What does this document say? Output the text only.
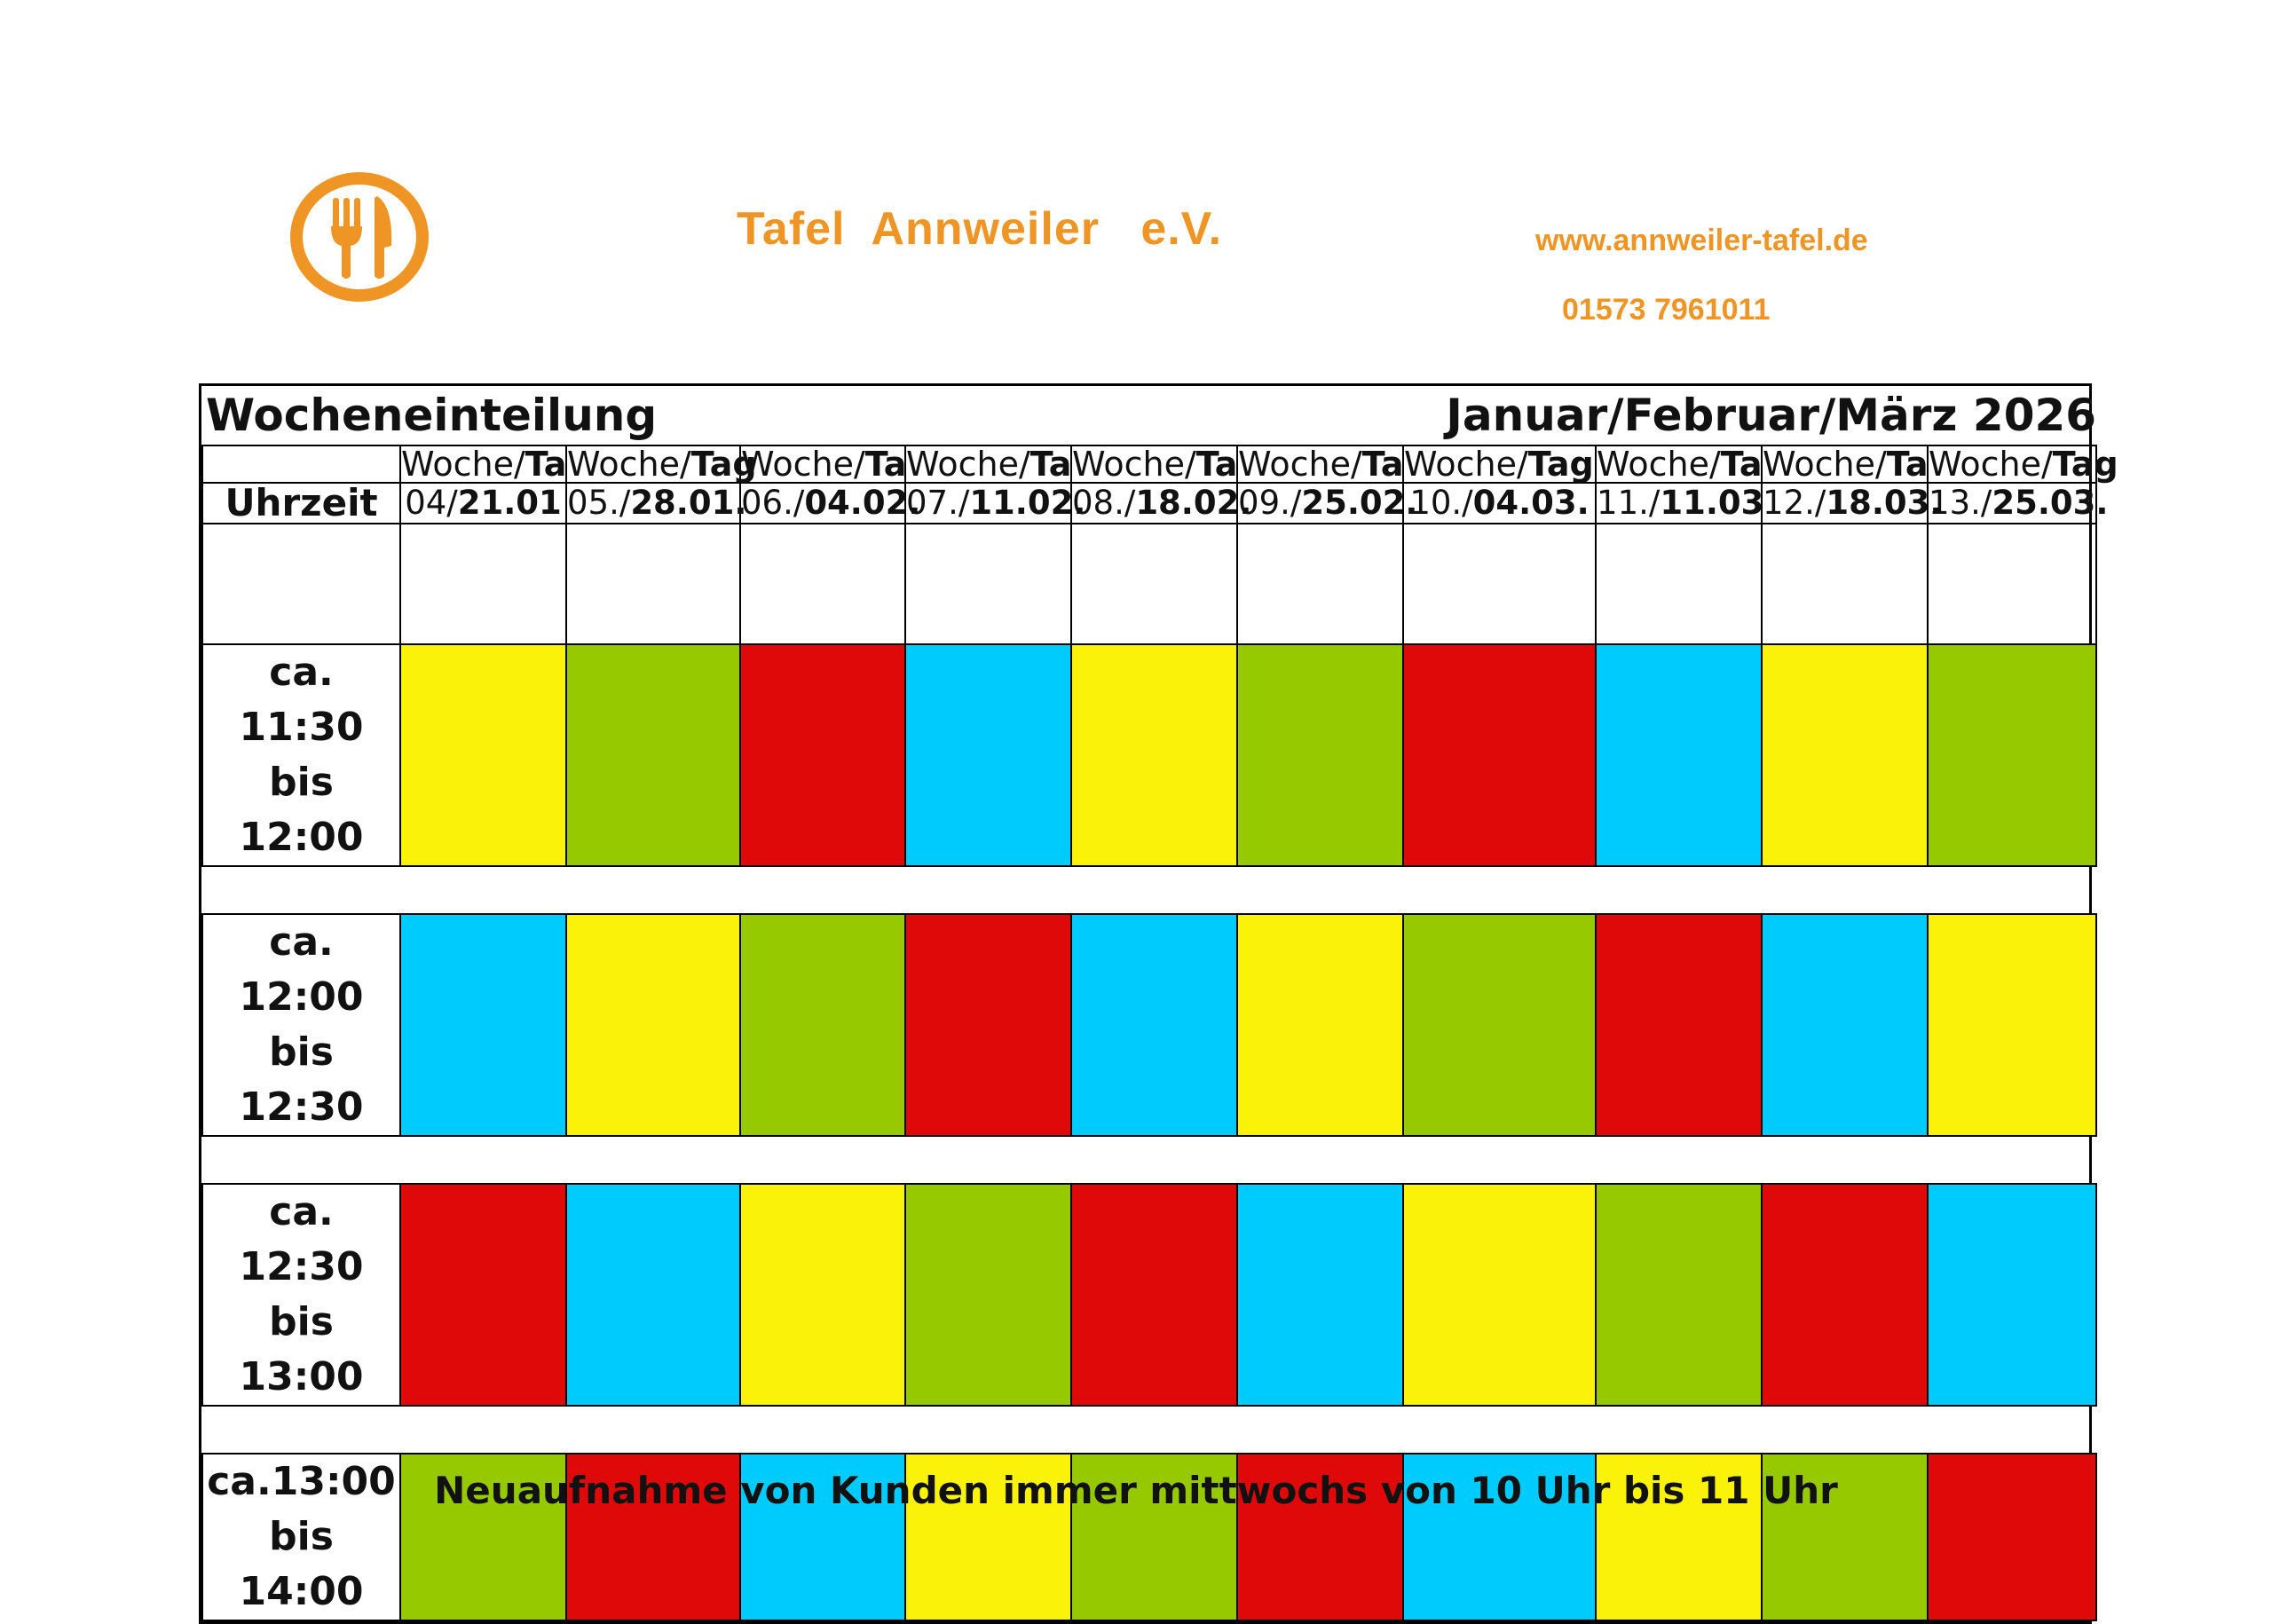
Tafel  Annweiler   e.V.	www.annweiler-tafel.de
01573 7961011
Wocheneinteilung						Januar/Februar/März 2026				
	Woche/Ta	Woche/Tag	Woche/Ta	Woche/Ta	Woche/Ta	Woche/Ta	Woche/Tag	Woche/Ta	Woche/Ta	Woche/Tag
Uhrzeit	04/21.01	05./28.01.	06./04.02.	07./11.02.	08./18.02.	09./25.02.	10./04.03.	11./11.03	12./18.03.	13./25.03.

ca. 11:30
bis
12:00										

ca. 12:00
bis
12:30										

ca. 12:30
bis
13:00										

ca.13:00
bis
14:00										

Neuaufnahme von Kunden immer mittwochs von 10 Uhr bis 11 Uhr
